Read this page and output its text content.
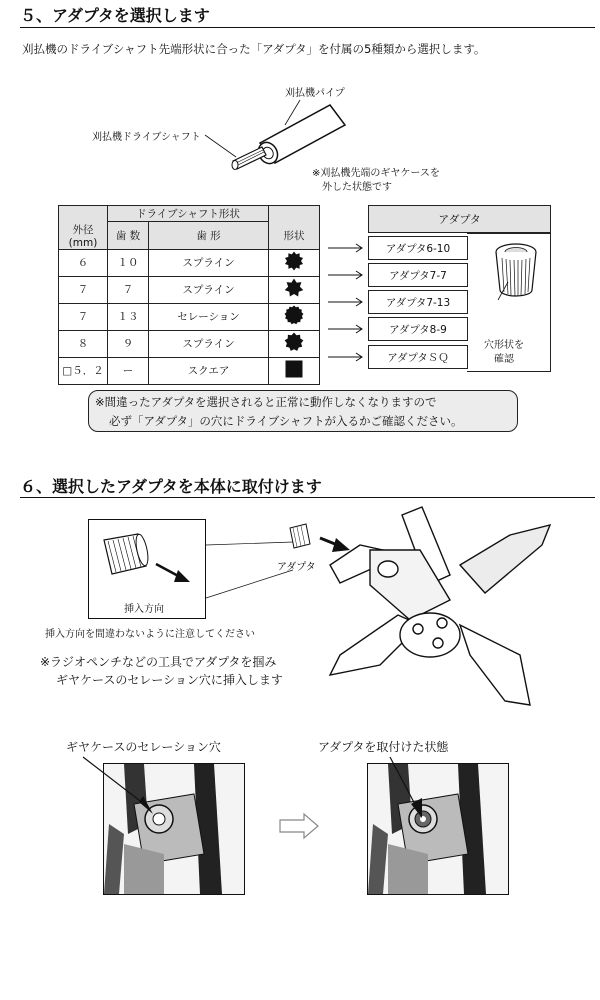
５、アダプタを選択します
刈払機のドライブシャフト先端形状に合った「アダプタ」を付属の5種類から選択します。
刈払機パイプ
刈払機ドライブシャフト
※刈払機先端のギヤケースを
外した状態です
	ドライブシャフト形状		
外径(mm)	歯 数	歯 形	形状
６	１０	スプライン	
７	７	スプライン	
７	１３	セレーション	
８	９	スプライン	
□５．２	ー	スクエア	
アダプタ
アダプタ6-10
アダプタ7-7
アダプタ7-13
アダプタ8-9
アダプタＳＱ
穴形状を
確認
※間違ったアダプタを選択されると正常に動作しなくなりますので
必ず「アダプタ」の穴にドライブシャフトが入るかご確認ください。
６、選択したアダプタを本体に取付けます
挿入方向
挿入方向を間違わないように注意してください
アダプタ
※ラジオペンチなどの工具でアダプタを掴み
ギヤケースのセレーション穴に挿入します
ギヤケースのセレーション穴	アダプタを取付けた状態
